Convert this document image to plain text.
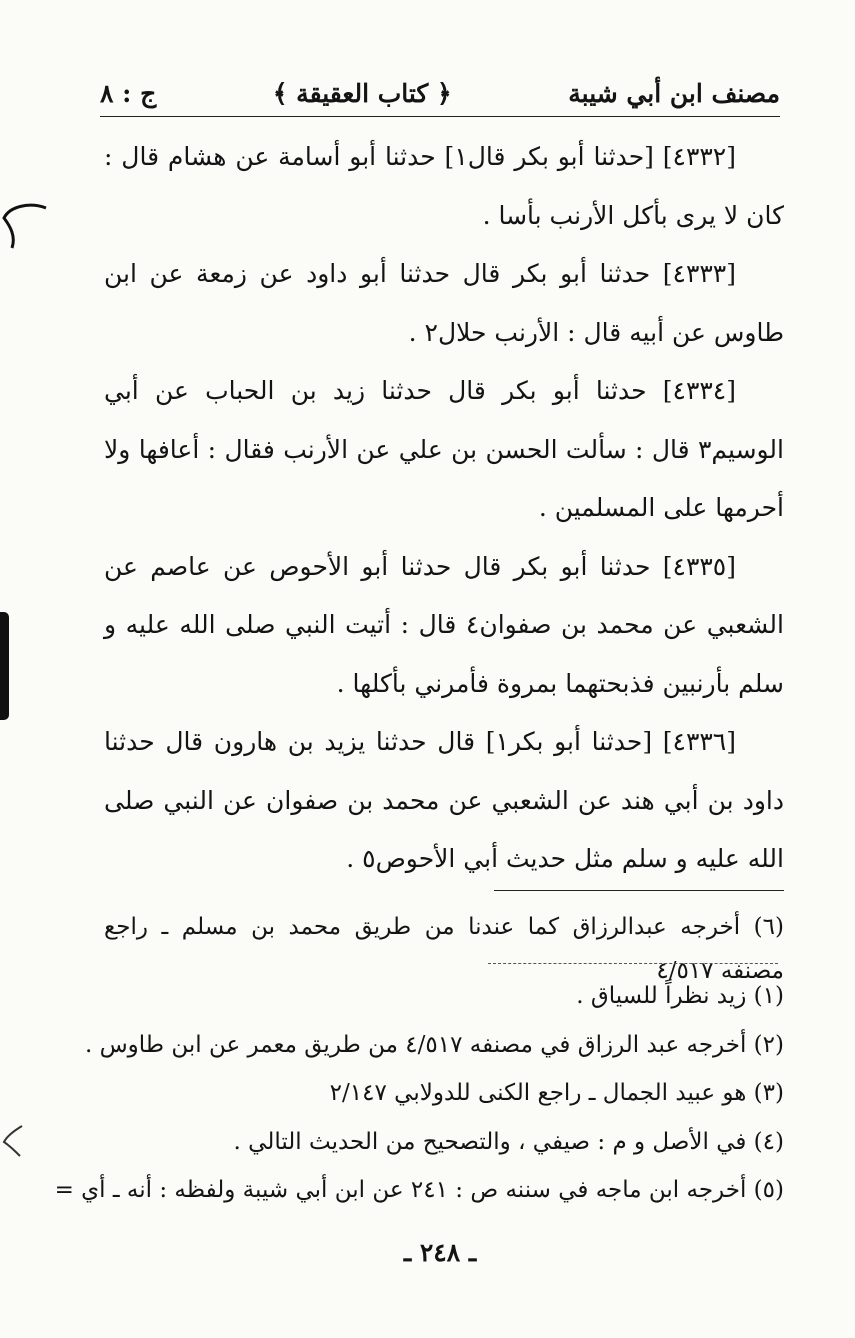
مصنف ابن أبي شيبة
﴿ كتاب العقيقة ﴾
ج : ٨

[٤٣٣٢] [حدثنا أبو بكر قال١] حدثنا أبو أسامة عن هشام قال : كان لا يرى بأكل الأرنب بأسا .

[٤٣٣٣] حدثنا أبو بكر قال حدثنا أبو داود عن زمعة عن ابن طاوس عن أبيه قال : الأرنب حلال٢ .

[٤٣٣٤] حدثنا أبو بكر قال حدثنا زيد بن الحباب عن أبي الوسيم٣ قال : سألت الحسن بن علي عن الأرنب فقال : أعافها ولا أحرمها على المسلمين .

[٤٣٣٥] حدثنا أبو بكر قال حدثنا أبو الأحوص عن عاصم عن الشعبي عن محمد بن صفوان٤ قال : أتيت النبي صلى الله عليه و سلم بأرنبين فذبحتهما بمروة فأمرني بأكلها .

[٤٣٣٦] [حدثنا أبو بكر١] قال حدثنا يزيد بن هارون قال حدثنا داود بن أبي هند عن الشعبي عن محمد بن صفوان عن النبي صلى الله عليه و سلم مثل حديث أبي الأحوص٥ .

(٦) أخرجه عبدالرزاق كما عندنا من طريق محمد بن مسلم ـ راجع مصنفه ٤/٥١٧

(١) زيد نظراً للسياق .

(٢) أخرجه عبد الرزاق في مصنفه ٤/٥١٧ من طريق معمر عن ابن طاوس .

(٣) هو عبيد الجمال ـ راجع الكنى للدولابي ٢/١٤٧

(٤) في الأصل و م : صيفي ، والتصحيح من الحديث التالي .

(٥) أخرجه ابن ماجه في سننه ص : ٢٤١ عن ابن أبي شيبة ولفظه : أنه ـ أي =

ـ ٢٤٨ ـ
